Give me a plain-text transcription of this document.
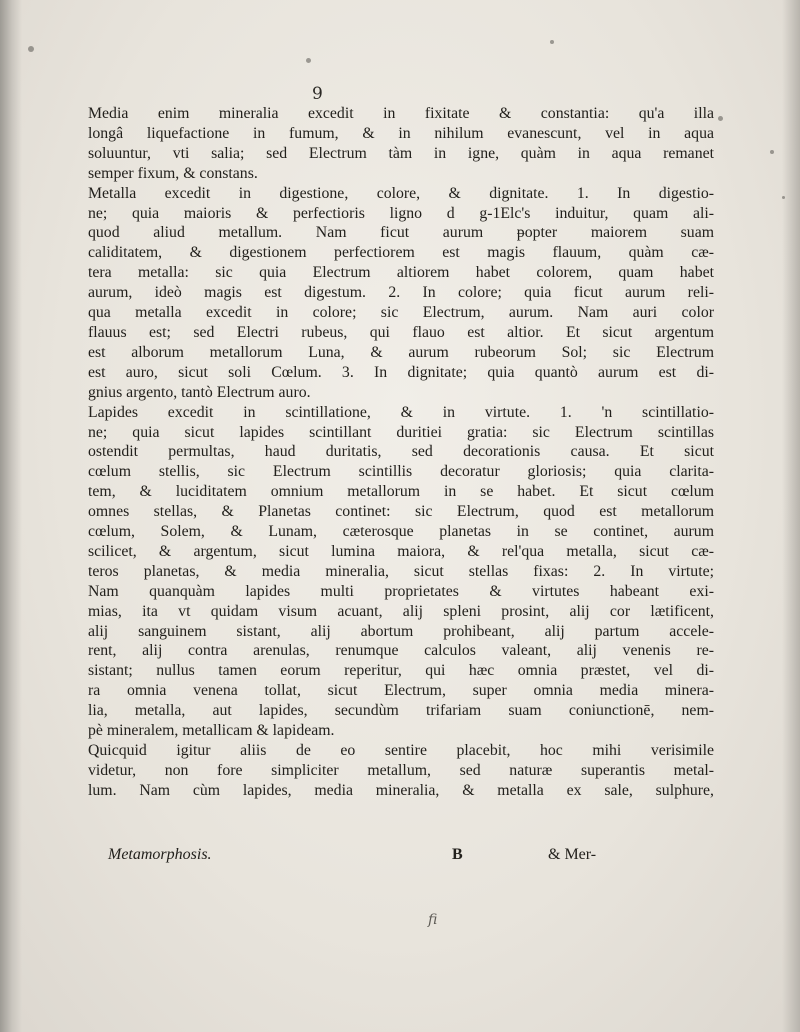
9
Media enim mineralia excedit in fixitate & constantia: qu'a illa
longâ liquefactione in fumum, & in nihilum evanescunt, vel in aqua
soluuntur, vti salia; sed Electrum tàm in igne, quàm in aqua remanet
semper fixum, & constans.
Metalla excedit in digestione, colore, & dignitate. 1. In digestio-
ne; quia maioris & perfectioris ligno d g-1Elc's induitur, quam ali-
quod aliud metallum. Nam ficut aurum ᵽopter maiorem suam
caliditatem, & digestionem perfectiorem est magis flauum, quàm cæ-
tera metalla: sic quia Electrum altiorem habet colorem, quam habet
aurum, ideò magis est digestum. 2. In colore; quia ficut aurum reli-
qua metalla excedit in colore; sic Electrum, aurum. Nam auri color
flauus est; sed Electri rubeus, qui flauo est altior. Et sicut argentum
est alborum metallorum Luna, & aurum rubeorum Sol; sic Electrum
est auro, sicut soli Cœlum. 3. In dignitate; quia quantò aurum est di-
gnius argento, tantò Electrum auro.
Lapides excedit in scintillatione, & in virtute. 1. 'n scintillatio-
ne; quia sicut lapides scintillant duritiei gratia: sic Electrum scintillas
ostendit permultas, haud duritatis, sed decorationis causa. Et sicut
cœlum stellis, sic Electrum scintillis decoratur gloriosis; quia clarita-
tem, & luciditatem omnium metallorum in se habet. Et sicut cœlum
omnes stellas, & Planetas continet: sic Electrum, quod est metallorum
cœlum, Solem, & Lunam, cæterosque planetas in se continet, aurum
scilicet, & argentum, sicut lumina maiora, & rel'qua metalla, sicut cæ-
teros planetas, & media mineralia, sicut stellas fixas: 2. In virtute;
Nam quanquàm lapides multi proprietates & virtutes habeant exi-
mias, ita vt quidam visum acuant, alij spleni prosint, alij cor lætificent,
alij sanguinem sistant, alij abortum prohibeant, alij partum accele-
rent, alij contra arenulas, renumque calculos valeant, alij venenis re-
sistant; nullus tamen eorum reperitur, qui hæc omnia præstet, vel di-
ra omnia venena tollat, sicut Electrum, super omnia media minera-
lia, metalla, aut lapides, secundùm trifariam suam coniunctionē, nem-
pè mineralem, metallicam & lapideam.
Quicquid igitur aliis de eo sentire placebit, hoc mihi verisimile
videtur, non fore simpliciter metallum, sed naturæ superantis metal-
lum. Nam cùm lapides, media mineralia, & metalla ex sale, sulphure,
Metamorphosis.	B	& Mer-
ﬁ
